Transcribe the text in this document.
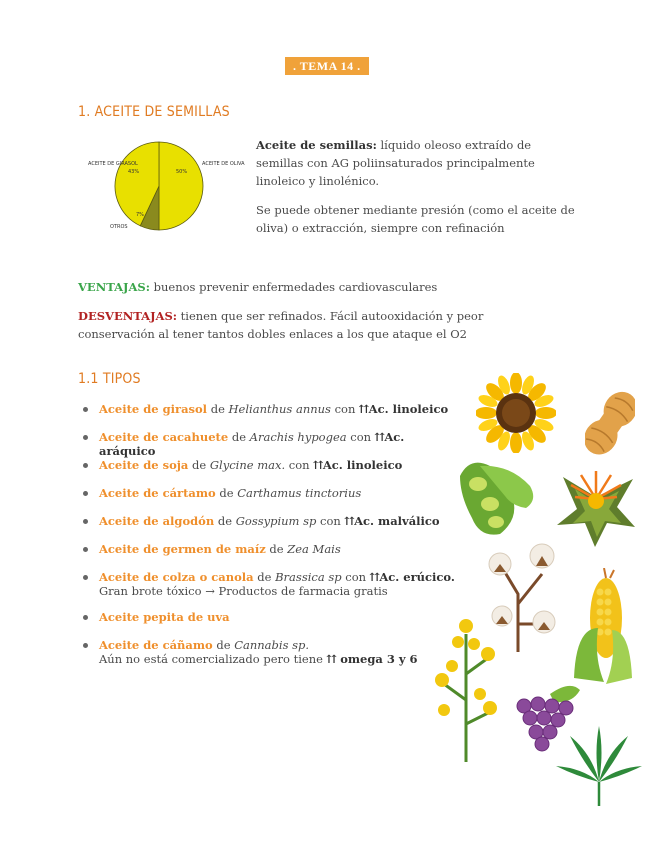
. TEMA 14 .
1. ACEITE DE SEMILLAS
ACEITE DE OLIVA
ACEITE DE GIRASOL
OTROS
50%
43%
7%

Aceite de semillas: líquido oleoso extraído de semillas con AG poliinsaturados principalmente linoleico y linolénico.

Se puede obtener mediante presión (como el aceite de oliva) o extracción, siempre con refinación

VENTAJAS: buenos prevenir enfermedades cardiovasculares

DESVENTAJAS: tienen que ser refinados. Fácil autooxidación y peor conservación al tener tantos dobles enlaces a los que ataque el O2

1.1 TIPOS
Aceite de girasol de Helianthus annus con ⇈Ac. linoleico
Aceite de cacahuete de Arachis hypogea con ⇈Ac. aráquico
Aceite de soja de Glycine max. con ⇈Ac. linoleico
Aceite de cártamo de Carthamus tinctorius
Aceite de algodón de Gossypium sp con ⇈Ac. malválico
Aceite de germen de maíz de Zea Mais
Aceite de colza o canola de Brassica sp con ⇈Ac. erúcico.
Gran brote tóxico → Productos de farmacia gratis
Aceite pepita de uva
Aceite de cáñamo de Cannabis sp.
Aún no está comercializado pero tiene ⇈ omega 3 y 6
